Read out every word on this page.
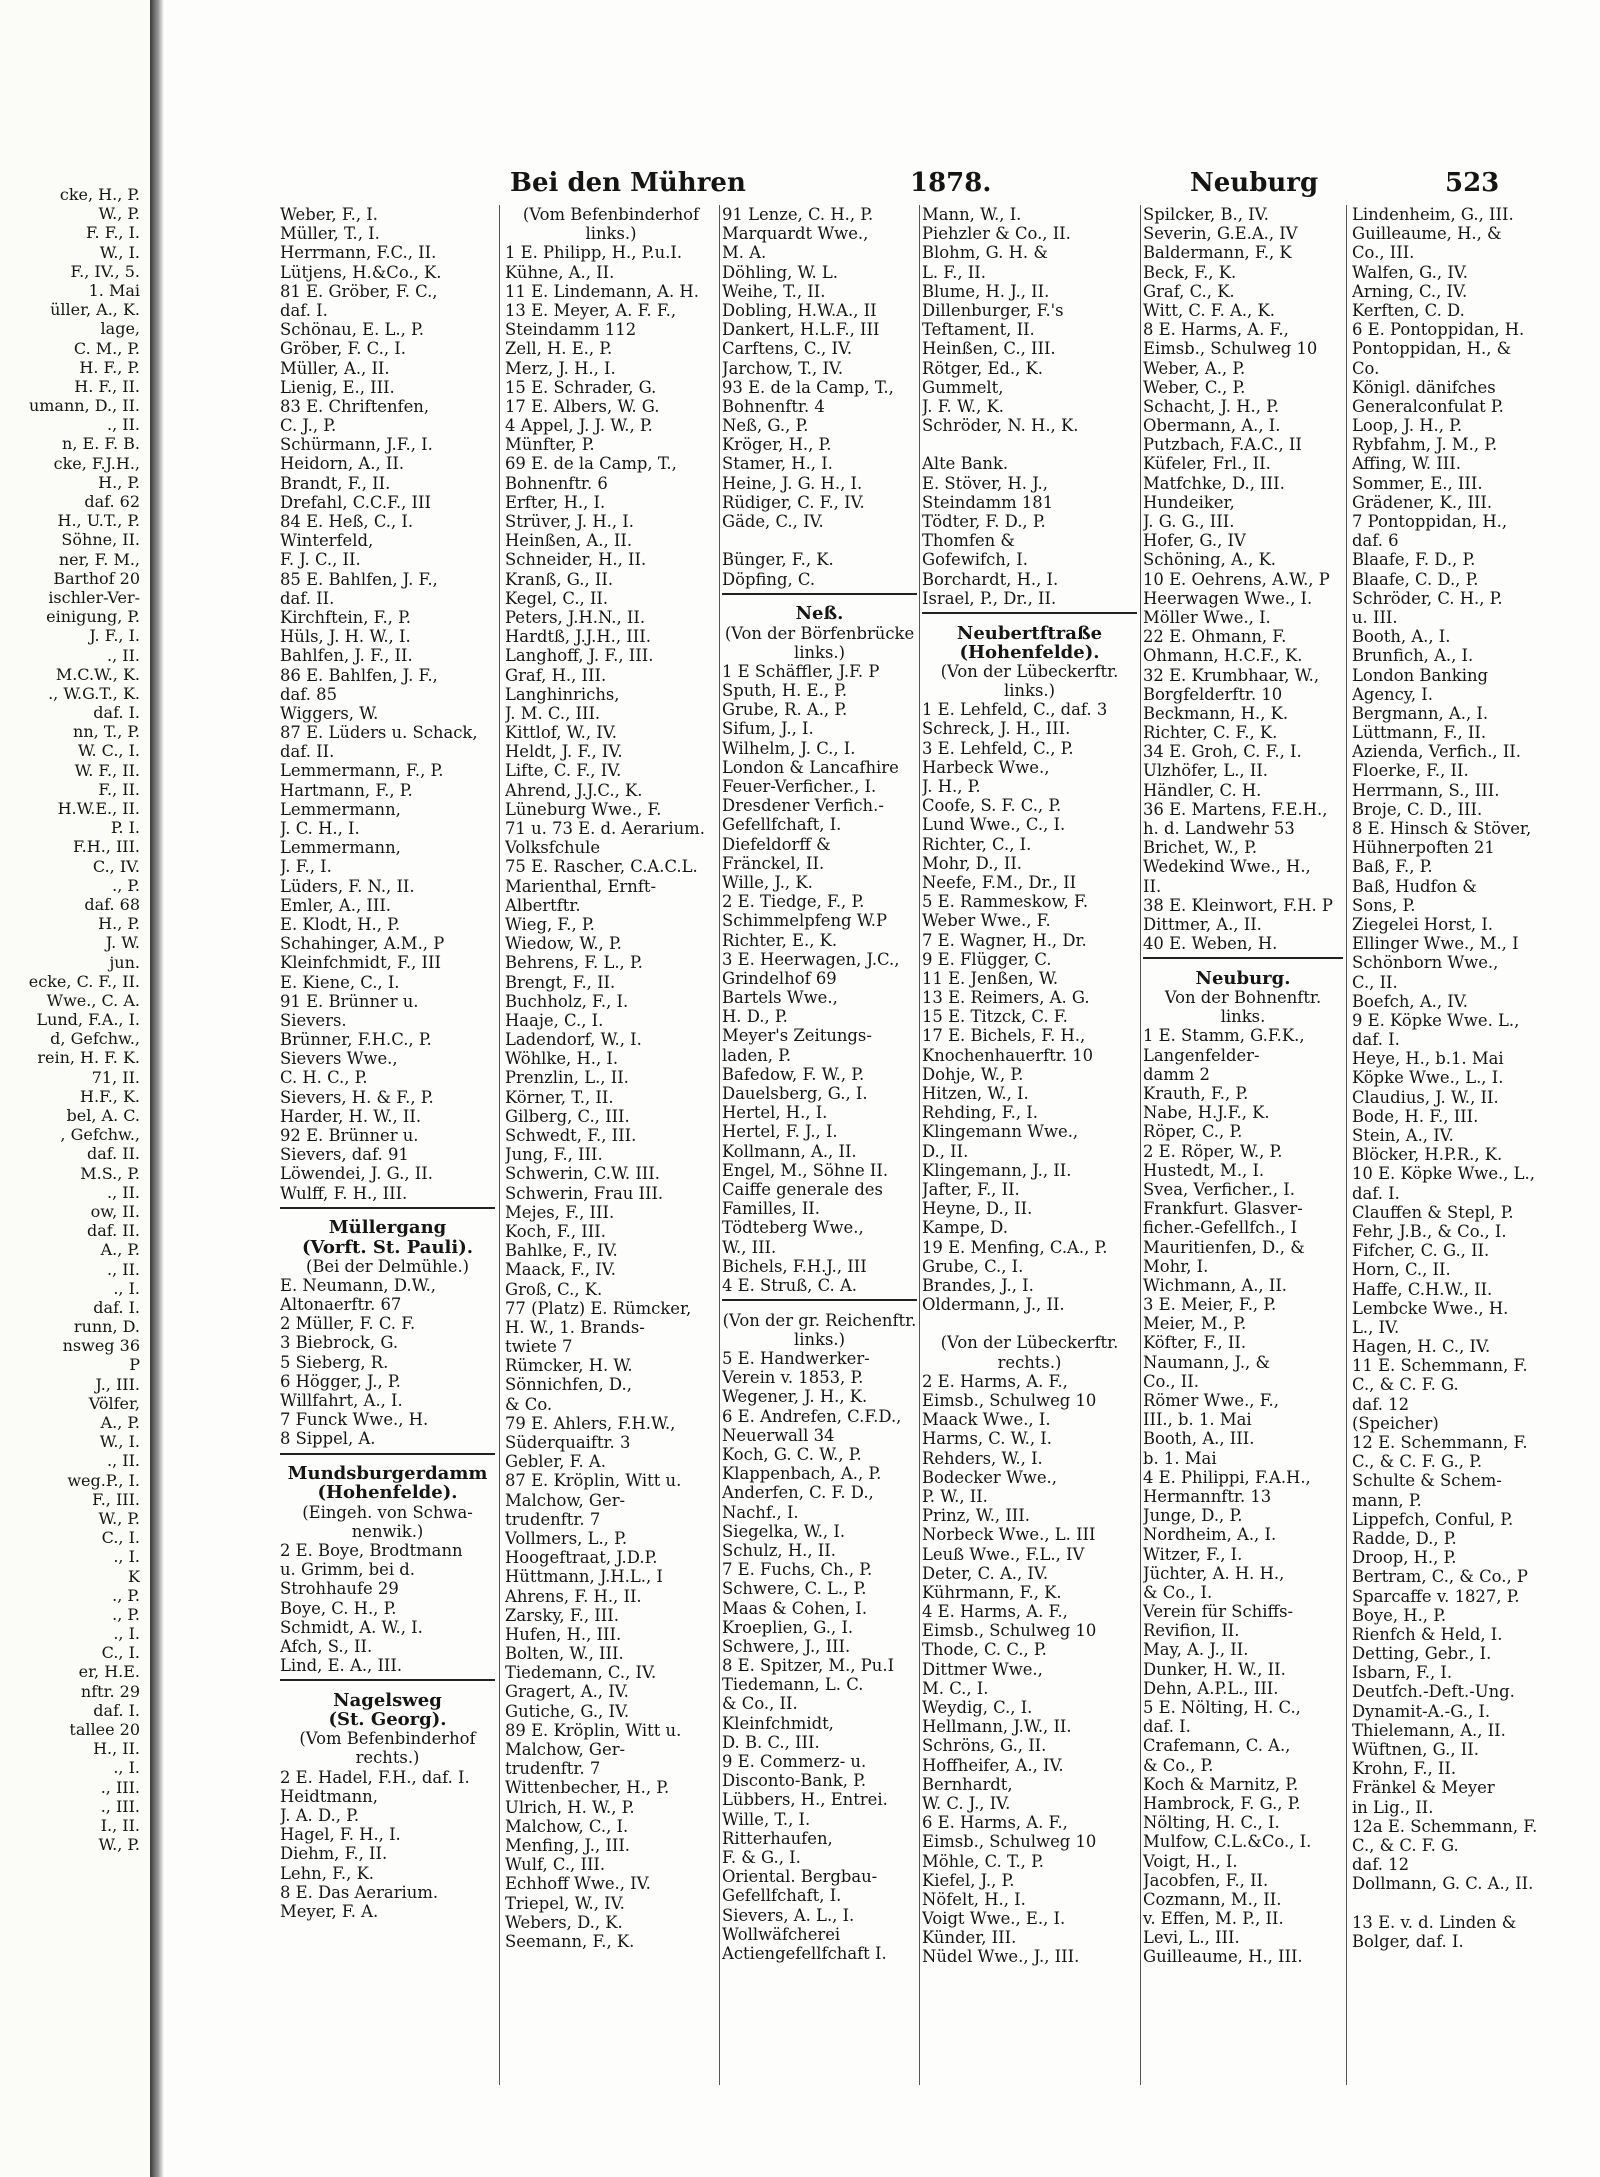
cke, H., P.
W., P.
F. F., I.
W., I.
F., IV., 5.
1. Mai
üller, A., K.
lage,
C. M., P.
H. F., P.
H. F., II.
umann, D., II.
., II.
n, E. F. B.
cke, F.J.H.,
H., P.
daf. 62
H., U.T., P.
Söhne, II.
ner, F. M.,
Barthof 20
ischler-Ver-
einigung, P.
J. F., I.
., II.
M.C.W., K.
., W.G.T., K.
daf. I.
nn, T., P.
W. C., I.
W. F., II.
F., II.
H.W.E., II.
P. I.
F.H., III.
C., IV.
., P.
daf. 68
H., P.
J. W.
jun.
ecke, C. F., II.
Wwe., C. A.
Lund, F.A., I.
d, Gefchw.,
rein, H. F. K.
71, II.
H.F., K.
bel, A. C.
, Gefchw.,
daf. II.
M.S., P.
., II.
ow, II.
daf. II.
A., P.
., II.
., I.
daf. I.
runn, D.
nsweg 36
P
J., III.
Völfer,
A., P.
W., I.
., II.
weg.P., I.
F., III.
W., P.
C., I.
., I.
K
., P.
., P.
., I.
C., I.
er, H.E.
nftr. 29
daf. I.
tallee 20
H., II.
., I.
., III.
., III.
I., II.
W., P.
Bei den Mühren	1878.	Neuburg	523
Weber, F., I.
Müller, T., I.
Herrmann, F.C., II.
Lütjens, H.&Co., K.
81 E. Gröber, F. C.,
daf. I.
Schönau, E. L., P.
Gröber, F. C., I.
Müller, A., II.
Lienig, E., III.
83 E. Chriftenfen,
C. J., P.
Schürmann, J.F., I.
Heidorn, A., II.
Brandt, F., II.
Drefahl, C.C.F., III
84 E. Heß, C., I.
Winterfeld,
F. J. C., II.
85 E. Bahlfen, J. F.,
daf. II.
Kirchftein, F., P.
Hüls, J. H. W., I.
Bahlfen, J. F., II.
86 E. Bahlfen, J. F.,
daf. 85
Wiggers, W.
87 E. Lüders u. Schack,
daf. II.
Lemmermann, F., P.
Hartmann, F., P.
Lemmermann,
J. C. H., I.
Lemmermann,
J. F., I.
Lüders, F. N., II.
Emler, A., III.
E. Klodt, H., P.
Schahinger, A.M., P
Kleinfchmidt, F., III
E. Kiene, C., I.
91 E. Brünner u.
Sievers.
Brünner, F.H.C., P.
Sievers Wwe.,
C. H. C., P.
Sievers, H. & F., P.
Harder, H. W., II.
92 E. Brünner u.
Sievers, daf. 91
Löwendei, J. G., II.
Wulff, F. H., III.
Müllergang
(Vorft. St. Pauli).
(Bei der Delmühle.)
E. Neumann, D.W.,
Altonaerftr. 67
2 Müller, F. C. F.
3 Biebrock, G.
5 Sieberg, R.
6 Högger, J., P.
Willfahrt, A., I.
7 Funck Wwe., H.
8 Sippel, A.
Mundsburgerdamm
(Hohenfelde).
(Eingeh. von Schwa-
nenwik.)
2 E. Boye, Brodtmann
u. Grimm, bei d.
Strohhaufe 29
Boye, C. H., P.
Schmidt, A. W., I.
Afch, S., II.
Lind, E. A., III.
Nagelsweg
(St. Georg).
(Vom Befenbinderhof
rechts.)
2 E. Hadel, F.H., daf. I.
Heidtmann,
J. A. D., P.
Hagel, F. H., I.
Diehm, F., II.
Lehn, F., K.
8 E. Das Aerarium.
Meyer, F. A.
(Vom Befenbinderhof
links.)
1 E. Philipp, H., P.u.I.
Kühne, A., II.
11 E. Lindemann, A. H.
13 E. Meyer, A. F. F.,
Steindamm 112
Zell, H. E., P.
Merz, J. H., I.
15 E. Schrader, G.
17 E. Albers, W. G.
4 Appel, J. J. W., P.
Münfter, P.
69 E. de la Camp, T.,
Bohnenftr. 6
Erfter, H., I.
Strüver, J. H., I.
Heinßen, A., II.
Schneider, H., II.
Kranß, G., II.
Kegel, C., II.
Peters, J.H.N., II.
Hardtß, J.J.H., III.
Langhoff, J. F., III.
Graf, H., III.
Langhinrichs,
J. M. C., III.
Kittlof, W., IV.
Heldt, J. F., IV.
Lifte, C. F., IV.
Ahrend, J.J.C., K.
Lüneburg Wwe., F.
71 u. 73 E. d. Aerarium.
Volksfchule
75 E. Rascher, C.A.C.L.
Marienthal, Ernft-
Albertftr.
Wieg, F., P.
Wiedow, W., P.
Behrens, F. L., P.
Brengt, F., II.
Buchholz, F., I.
Haaje, C., I.
Ladendorf, W., I.
Wöhlke, H., I.
Prenzlin, L., II.
Körner, T., II.
Gilberg, C., III.
Schwedt, F., III.
Jung, F., III.
Schwerin, C.W. III.
Schwerin, Frau III.
Mejes, F., III.
Koch, F., III.
Bahlke, F., IV.
Maack, F., IV.
Groß, C., K.
77 (Platz) E. Rümcker,
H. W., 1. Brands-
twiete 7
Rümcker, H. W.
Sönnichfen, D.,
& Co.
79 E. Ahlers, F.H.W.,
Süderquaiftr. 3
Gebler, F. A.
87 E. Kröplin, Witt u.
Malchow, Ger-
trudenftr. 7
Vollmers, L., P.
Hoogeftraat, J.D.P.
Hüttmann, J.H.L., I
Ahrens, F. H., II.
Zarsky, F., III.
Hufen, H., III.
Bolten, W., III.
Tiedemann, C., IV.
Gragert, A., IV.
Gutiche, G., IV.
89 E. Kröplin, Witt u.
Malchow, Ger-
trudenftr. 7
Wittenbecher, H., P.
Ulrich, H. W., P.
Malchow, C., I.
Menfing, J., III.
Wulf, C., III.
Echhoff Wwe., IV.
Triepel, W., IV.
Webers, D., K.
Seemann, F., K.
91 Lenze, C. H., P.
Marquardt Wwe.,
M. A.
Döhling, W. L.
Weihe, T., II.
Dobling, H.W.A., II
Dankert, H.L.F., III
Carftens, C., IV.
Jarchow, T., IV.
93 E. de la Camp, T.,
Bohnenftr. 4
Neß, G., P.
Kröger, H., P.
Stamer, H., I.
Heine, J. G. H., I.
Rüdiger, C. F., IV.
Gäde, C., IV.
Bünger, F., K.
Döpfing, C.
Neß.
(Von der Börfenbrücke
links.)
1 E Schäffler, J.F. P
Sputh, H. E., P.
Grube, R. A., P.
Sifum, J., I.
Wilhelm, J. C., I.
London & Lancafhire
Feuer-Verficher., I.
Dresdener Verfich.-
Gefellfchaft, I.
Diefeldorff &
Fränckel, II.
Wille, J., K.
2 E. Tiedge, F., P.
Schimmelpfeng W.P
Richter, E., K.
3 E. Heerwagen, J.C.,
Grindelhof 69
Bartels Wwe.,
H. D., P.
Meyer's Zeitungs-
laden, P.
Bafedow, F. W., P.
Dauelsberg, G., I.
Hertel, H., I.
Hertel, F. J., I.
Kollmann, A., II.
Engel, M., Söhne II.
Caiffe generale des
Familles, II.
Tödteberg Wwe.,
W., III.
Bichels, F.H.J., III
4 E. Struß, C. A.
(Von der gr. Reichenftr.
links.)
5 E. Handwerker-
Verein v. 1853, P.
Wegener, J. H., K.
6 E. Andrefen, C.F.D.,
Neuerwall 34
Koch, G. C. W., P.
Klappenbach, A., P.
Anderfen, C. F. D.,
Nachf., I.
Siegelka, W., I.
Schulz, H., II.
7 E. Fuchs, Ch., P.
Schwere, C. L., P.
Maas & Cohen, I.
Kroeplien, G., I.
Schwere, J., III.
8 E. Spitzer, M., Pu.I
Tiedemann, L. C.
& Co., II.
Kleinfchmidt,
D. B. C., III.
9 E. Commerz- u.
Disconto-Bank, P.
Lübbers, H., Entrei.
Wille, T., I.
Ritterhaufen,
F. & G., I.
Oriental. Bergbau-
Gefellfchaft, I.
Sievers, A. L., I.
Wollwäfcherei
Actiengefellfchaft I.
Mann, W., I.
Piehzler & Co., II.
Blohm, G. H. &
L. F., II.
Blume, H. J., II.
Dillenburger, F.'s
Teftament, II.
Heinßen, C., III.
Rötger, Ed., K.
Gummelt,
J. F. W., K.
Schröder, N. H., K.
Alte Bank.
E. Stöver, H. J.,
Steindamm 181
Tödter, F. D., P.
Thomfen &
Gofewifch, I.
Borchardt, H., I.
Israel, P., Dr., II.
Neubertftraße
(Hohenfelde).
(Von der Lübeckerftr.
links.)
1 E. Lehfeld, C., daf. 3
Schreck, J. H., III.
3 E. Lehfeld, C., P.
Harbeck Wwe.,
J. H., P.
Coofe, S. F. C., P.
Lund Wwe., C., I.
Richter, C., I.
Mohr, D., II.
Neefe, F.M., Dr., II
5 E. Rammeskow, F.
Weber Wwe., F.
7 E. Wagner, H., Dr.
9 E. Flügger, C.
11 E. Jenßen, W.
13 E. Reimers, A. G.
15 E. Titzck, C. F.
17 E. Bichels, F. H.,
Knochenhauerftr. 10
Dohje, W., P.
Hitzen, W., I.
Rehding, F., I.
Klingemann Wwe.,
D., II.
Klingemann, J., II.
Jafter, F., II.
Heyne, D., II.
Kampe, D.
19 E. Menfing, C.A., P.
Grube, C., I.
Brandes, J., I.
Oldermann, J., II.
(Von der Lübeckerftr.
rechts.)
2 E. Harms, A. F.,
Eimsb., Schulweg 10
Maack Wwe., I.
Harms, C. W., I.
Rehders, W., I.
Bodecker Wwe.,
P. W., II.
Prinz, W., III.
Norbeck Wwe., L. III
Leuß Wwe., F.L., IV
Deter, C. A., IV.
Kührmann, F., K.
4 E. Harms, A. F.,
Eimsb., Schulweg 10
Thode, C. C., P.
Dittmer Wwe.,
M. C., I.
Weydig, C., I.
Hellmann, J.W., II.
Schröns, G., II.
Hoffheifer, A., IV.
Bernhardt,
W. C. J., IV.
6 E. Harms, A. F.,
Eimsb., Schulweg 10
Möhle, C. T., P.
Kiefel, J., P.
Nöfelt, H., I.
Voigt Wwe., E., I.
Künder, III.
Nüdel Wwe., J., III.
Spilcker, B., IV.
Severin, G.E.A., IV
Baldermann, F., K
Beck, F., K.
Graf, C., K.
Witt, C. F. A., K.
8 E. Harms, A. F.,
Eimsb., Schulweg 10
Weber, A., P.
Weber, C., P.
Schacht, J. H., P.
Obermann, A., I.
Putzbach, F.A.C., II
Küfeler, Frl., II.
Matfchke, D., III.
Hundeiker,
J. G. G., III.
Hofer, G., IV
Schöning, A., K.
10 E. Oehrens, A.W., P
Heerwagen Wwe., I.
Möller Wwe., I.
22 E. Ohmann, F.
Ohmann, H.C.F., K.
32 E. Krumbhaar, W.,
Borgfelderftr. 10
Beckmann, H., K.
Richter, C. F., K.
34 E. Groh, C. F., I.
Ulzhöfer, L., II.
Händler, C. H.
36 E. Martens, F.E.H.,
h. d. Landwehr 53
Brichet, W., P.
Wedekind Wwe., H.,
II.
38 E. Kleinwort, F.H. P
Dittmer, A., II.
40 E. Weben, H.
Neuburg.
Von der Bohnenftr.
links.
1 E. Stamm, G.F.K.,
Langenfelder-
damm 2
Krauth, F., P.
Nabe, H.J.F., K.
Röper, C., P.
2 E. Röper, W., P.
Hustedt, M., I.
Svea, Verficher., I.
Frankfurt. Glasver-
ficher.-Gefellfch., I
Mauritienfen, D., &
Mohr, I.
Wichmann, A., II.
3 E. Meier, F., P.
Meier, M., P.
Köfter, F., II.
Naumann, J., &
Co., II.
Römer Wwe., F.,
III., b. 1. Mai
Booth, A., III.
b. 1. Mai
4 E. Philippi, F.A.H.,
Hermannftr. 13
Junge, D., P.
Nordheim, A., I.
Witzer, F., I.
Jüchter, A. H. H.,
& Co., I.
Verein für Schiffs-
Revifion, II.
May, A. J., II.
Dunker, H. W., II.
Dehn, A.P.L., III.
5 E. Nölting, H. C.,
daf. I.
Crafemann, C. A.,
& Co., P.
Koch & Marnitz, P.
Hambrock, F. G., P.
Nölting, H. C., I.
Mulfow, C.L.&Co., I.
Voigt, H., I.
Jacobfen, F., II.
Cozmann, M., II.
v. Effen, M. P., II.
Levi, L., III.
Guilleaume, H., III.
Lindenheim, G., III.
Guilleaume, H., &
Co., III.
Walfen, G., IV.
Arning, C., IV.
Kerften, C. D.
6 E. Pontoppidan, H.
Pontoppidan, H., &
Co.
Königl. dänifches
Generalconfulat P.
Loop, J. H., P.
Rybfahm, J. M., P.
Affing, W. III.
Sommer, E., III.
Grädener, K., III.
7 Pontoppidan, H.,
daf. 6
Blaafe, F. D., P.
Blaafe, C. D., P.
Schröder, C. H., P.
u. III.
Booth, A., I.
Brunfich, A., I.
London Banking
Agency, I.
Bergmann, A., I.
Lüttmann, F., II.
Azienda, Verfich., II.
Floerke, F., II.
Herrmann, S., III.
Broje, C. D., III.
8 E. Hinsch & Stöver,
Hühnerpoften 21
Baß, F., P.
Baß, Hudfon &
Sons, P.
Ziegelei Horst, I.
Ellinger Wwe., M., I
Schönborn Wwe.,
C., II.
Boefch, A., IV.
9 E. Köpke Wwe. L.,
daf. I.
Heye, H., b.1. Mai
Köpke Wwe., L., I.
Claudius, J. W., II.
Bode, H. F., III.
Stein, A., IV.
Blöcker, H.P.R., K.
10 E. Köpke Wwe., L.,
daf. I.
Clauffen & Stepl, P.
Fehr, J.B., & Co., I.
Fifcher, C. G., II.
Horn, C., II.
Haffe, C.H.W., II.
Lembcke Wwe., H.
L., IV.
Hagen, H. C., IV.
11 E. Schemmann, F.
C., & C. F. G.
daf. 12
(Speicher)
12 E. Schemmann, F.
C., & C. F. G., P.
Schulte & Schem-
mann, P.
Lippefch, Conful, P.
Radde, D., P.
Droop, H., P.
Bertram, C., & Co., P
Sparcaffe v. 1827, P.
Boye, H., P.
Rienfch & Held, I.
Detting, Gebr., I.
Isbarn, F., I.
Deutfch.-Deft.-Ung.
Dynamit-A.-G., I.
Thielemann, A., II.
Wüftnen, G., II.
Krohn, F., II.
Fränkel & Meyer
in Lig., II.
12a E. Schemmann, F.
C., & C. F. G.
daf. 12
Dollmann, G. C. A., II.
13 E. v. d. Linden &
Bolger, daf. I.
